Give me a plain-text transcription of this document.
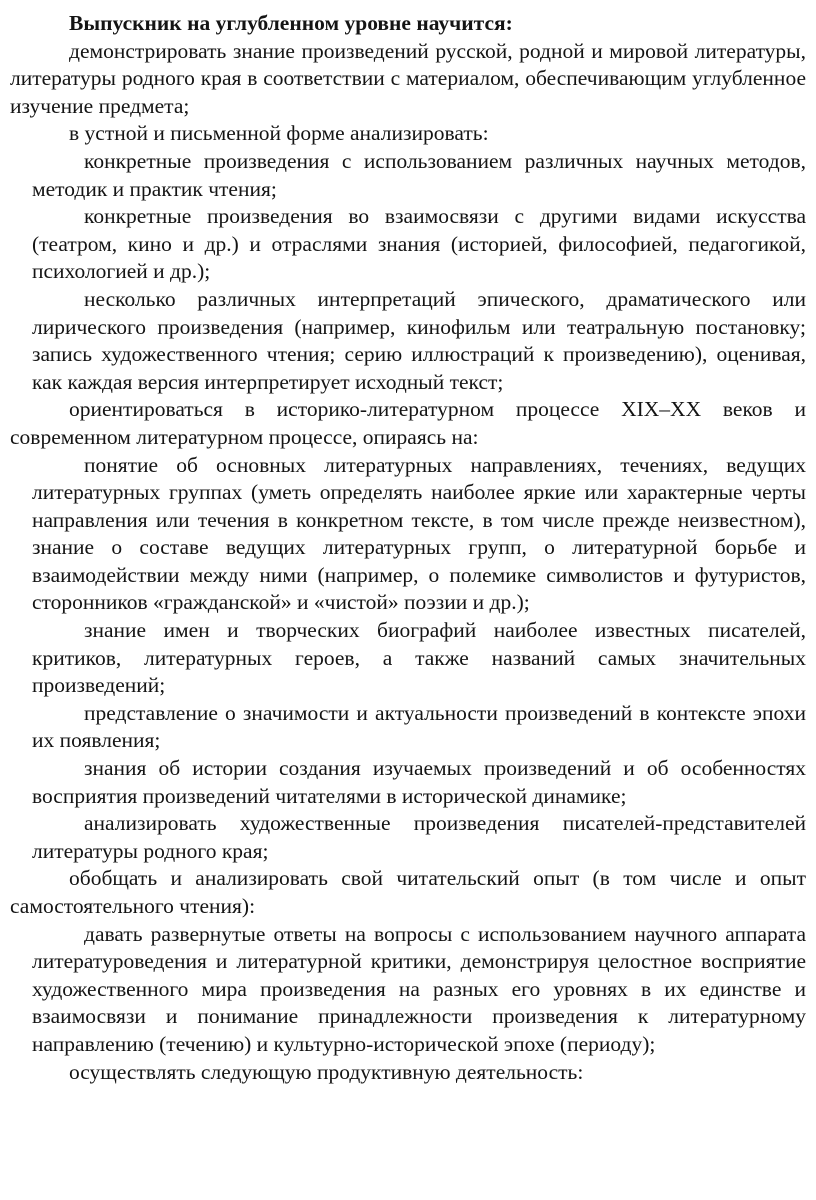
Выпускник на углубленном уровне научится:

демонстрировать знание произведений русской, родной и мировой литературы, литературы родного края в соответствии с материалом, обеспечивающим углубленное изучение предмета;

в устной и письменной форме анализировать:

конкретные произведения с использованием различных научных методов, методик и практик чтения;

конкретные произведения во взаимосвязи с другими видами искусства (театром, кино и др.) и отраслями знания (историей, философией, педагогикой, психологией и др.);

несколько различных интерпретаций эпического, драматического или лирического произведения (например, кинофильм или театральную постановку; запись художественного чтения; серию иллюстраций к произведению), оценивая, как каждая версия интерпретирует исходный текст;

ориентироваться в историко-литературном процессе XIX–XX веков и современном литературном процессе, опираясь на:

понятие об основных литературных направлениях, течениях, ведущих литературных группах (уметь определять наиболее яркие или характерные черты направления или течения в конкретном тексте, в том числе прежде неизвестном), знание о составе ведущих литературных групп, о литературной борьбе и взаимодействии между ними (например, о полемике символистов и футуристов, сторонников «гражданской» и «чистой» поэзии и др.);

знание имен и творческих биографий наиболее известных писателей, критиков, литературных героев, а также названий самых значительных произведений;

представление о значимости и актуальности произведений в контексте эпохи их появления;

знания об истории создания изучаемых произведений и об особенностях восприятия произведений читателями в исторической динамике;

анализировать художественные произведения писателей-представителей литературы родного края;

обобщать и анализировать свой читательский опыт (в том числе и опыт самостоятельного чтения):

давать развернутые ответы на вопросы с использованием научного аппарата литературоведения и литературной критики, демонстрируя целостное восприятие художественного мира произведения на разных его уровнях в их единстве и взаимосвязи и понимание принадлежности произведения к литературному направлению (течению) и культурно-исторической эпохе (периоду);

осуществлять следующую продуктивную деятельность:
